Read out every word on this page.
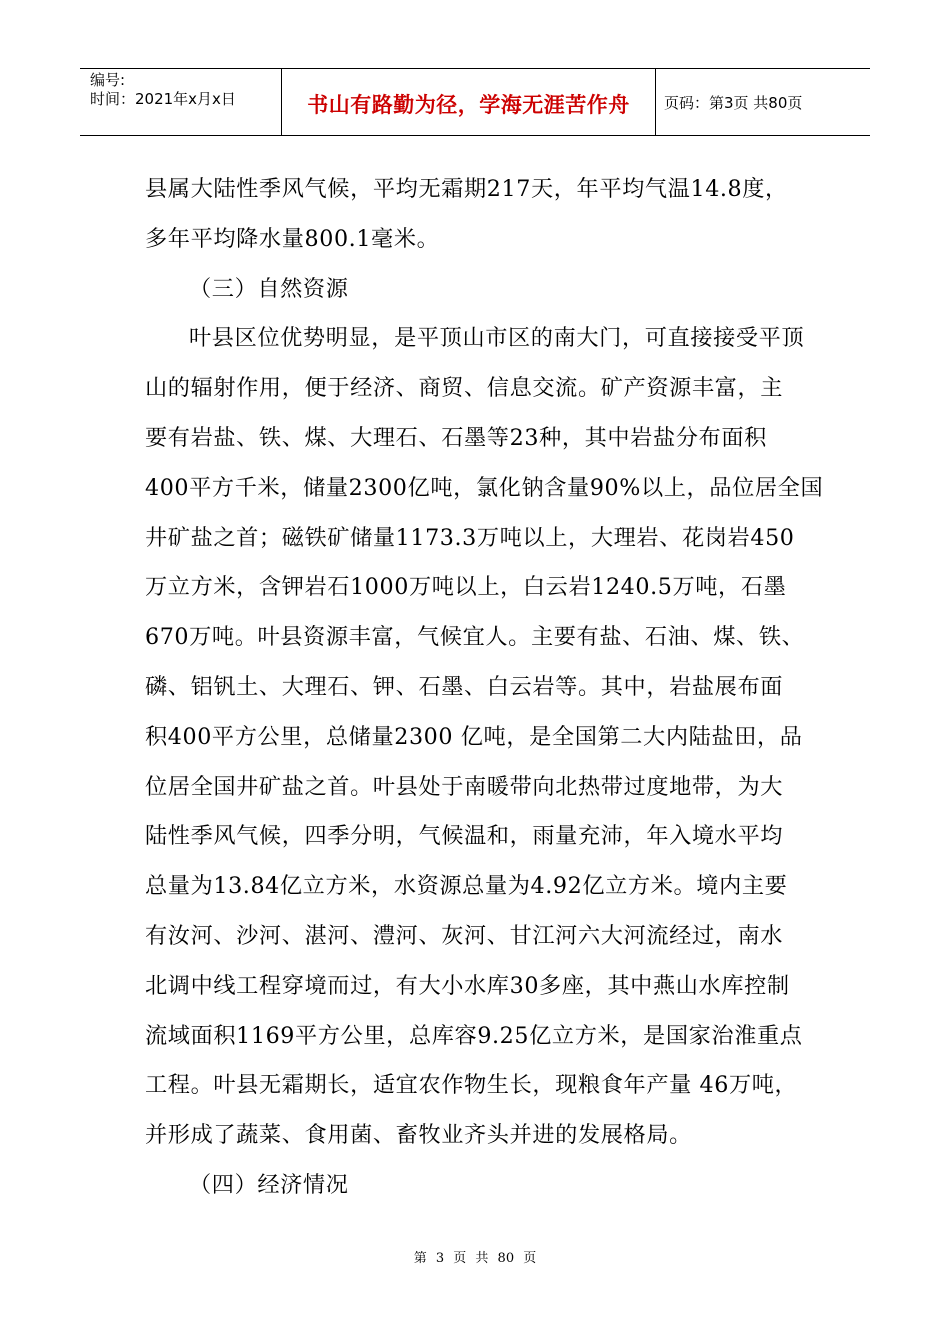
编号:
时间：2021年x月x日	书山有路勤为径，学海无涯苦作舟 页码：第3页 共80页
县属大陆性季风气候，平均无霜期217天，年平均气温14.8度，
多年平均降水量800.1毫米。
（三）自然资源
叶县区位优势明显，是平顶山市区的南大门，可直接接受平顶
山的辐射作用，便于经济、商贸、信息交流。矿产资源丰富，主
要有岩盐、铁、煤、大理石、石墨等23种，其中岩盐分布面积
400平方千米，储量2300亿吨，氯化钠含量90%以上，品位居全国
井矿盐之首；磁铁矿储量1173.3万吨以上，大理岩、花岗岩450
万立方米，含钾岩石1000万吨以上，白云岩1240.5万吨，石墨
670万吨。叶县资源丰富，气候宜人。主要有盐、石油、煤、铁、
磷、铝钒土、大理石、钾、石墨、白云岩等。其中，岩盐展布面
积400平方公里，总储量2300 亿吨，是全国第二大内陆盐田，品
位居全国井矿盐之首。叶县处于南暖带向北热带过度地带，为大
陆性季风气候，四季分明，气候温和，雨量充沛，年入境水平均
总量为13.84亿立方米，水资源总量为4.92亿立方米。境内主要
有汝河、沙河、湛河、澧河、灰河、甘江河六大河流经过，南水
北调中线工程穿境而过，有大小水库30多座，其中燕山水库控制
流域面积1169平方公里，总库容9.25亿立方米，是国家治淮重点
工程。叶县无霜期长，适宜农作物生长，现粮食年产量 46万吨，
并形成了蔬菜、食用菌、畜牧业齐头并进的发展格局。
（四）经济情况
第 3 页 共 80 页
